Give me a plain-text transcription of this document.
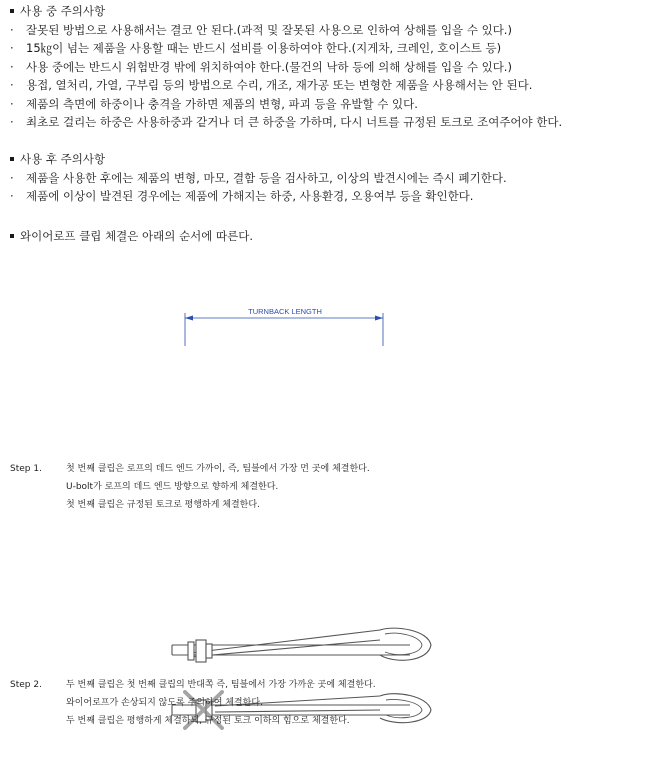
사용 중 주의사항
·	잘못된 방법으로 사용해서는 결코 안 된다.(과적 및 잘못된 사용으로 인하여 상해를 입을 수 있다.)
·	15㎏이 넘는 제품을 사용할 때는 반드시 설비를 이용하여야 한다.(지게차, 크레인, 호이스트 등)
·	사용 중에는 반드시 위험반경 밖에 위치하여야 한다.(물건의 낙하 등에 의해 상해를 입을 수 있다.)
·	용접, 열처리, 가열, 구부림 등의 방법으로 수리, 개조, 재가공 또는 변형한 제품을 사용해서는 안 된다.
·	제품의 측면에 하중이나 충격을 가하면 제품의 변형, 파괴 등을 유발할 수 있다.
·	최초로 걸리는 하중은 사용하중과 같거나 더 큰 하중을 가하며, 다시 너트를 규정된 토크로 조여주어야 한다.
사용 후 주의사항
·	제품을 사용한 후에는 제품의 변형, 마모, 결함 등을 검사하고, 이상의 발견시에는 즉시 폐기한다.
·	제품에 이상이 발견된 경우에는 제품에 가해지는 하중, 사용환경, 오용여부 등을 확인한다.
와이어로프 클립 체결은 아래의 순서에 따른다.
TURNBACK LENGTH
Step 1.	첫 번째 클립은 로프의 데드 엔드 가까이, 즉, 팀블에서 가장 먼 곳에 체결한다.
U-bolt가 로프의 데드 엔드 방향으로 향하게 체결한다.
첫 번째 클립은 규정된 토크로 평행하게 체결한다.
Step 2.	두 번째 클립은 첫 번째 클립의 반대쪽 즉, 팀블에서 가장 가까운 곳에 체결한다.
와이어로프가 손상되지 않도록 주의하여 체결한다.
두 번째 클립은 평행하게 체결하되, 규정된 토크 이하의 힘으로 체결한다.
